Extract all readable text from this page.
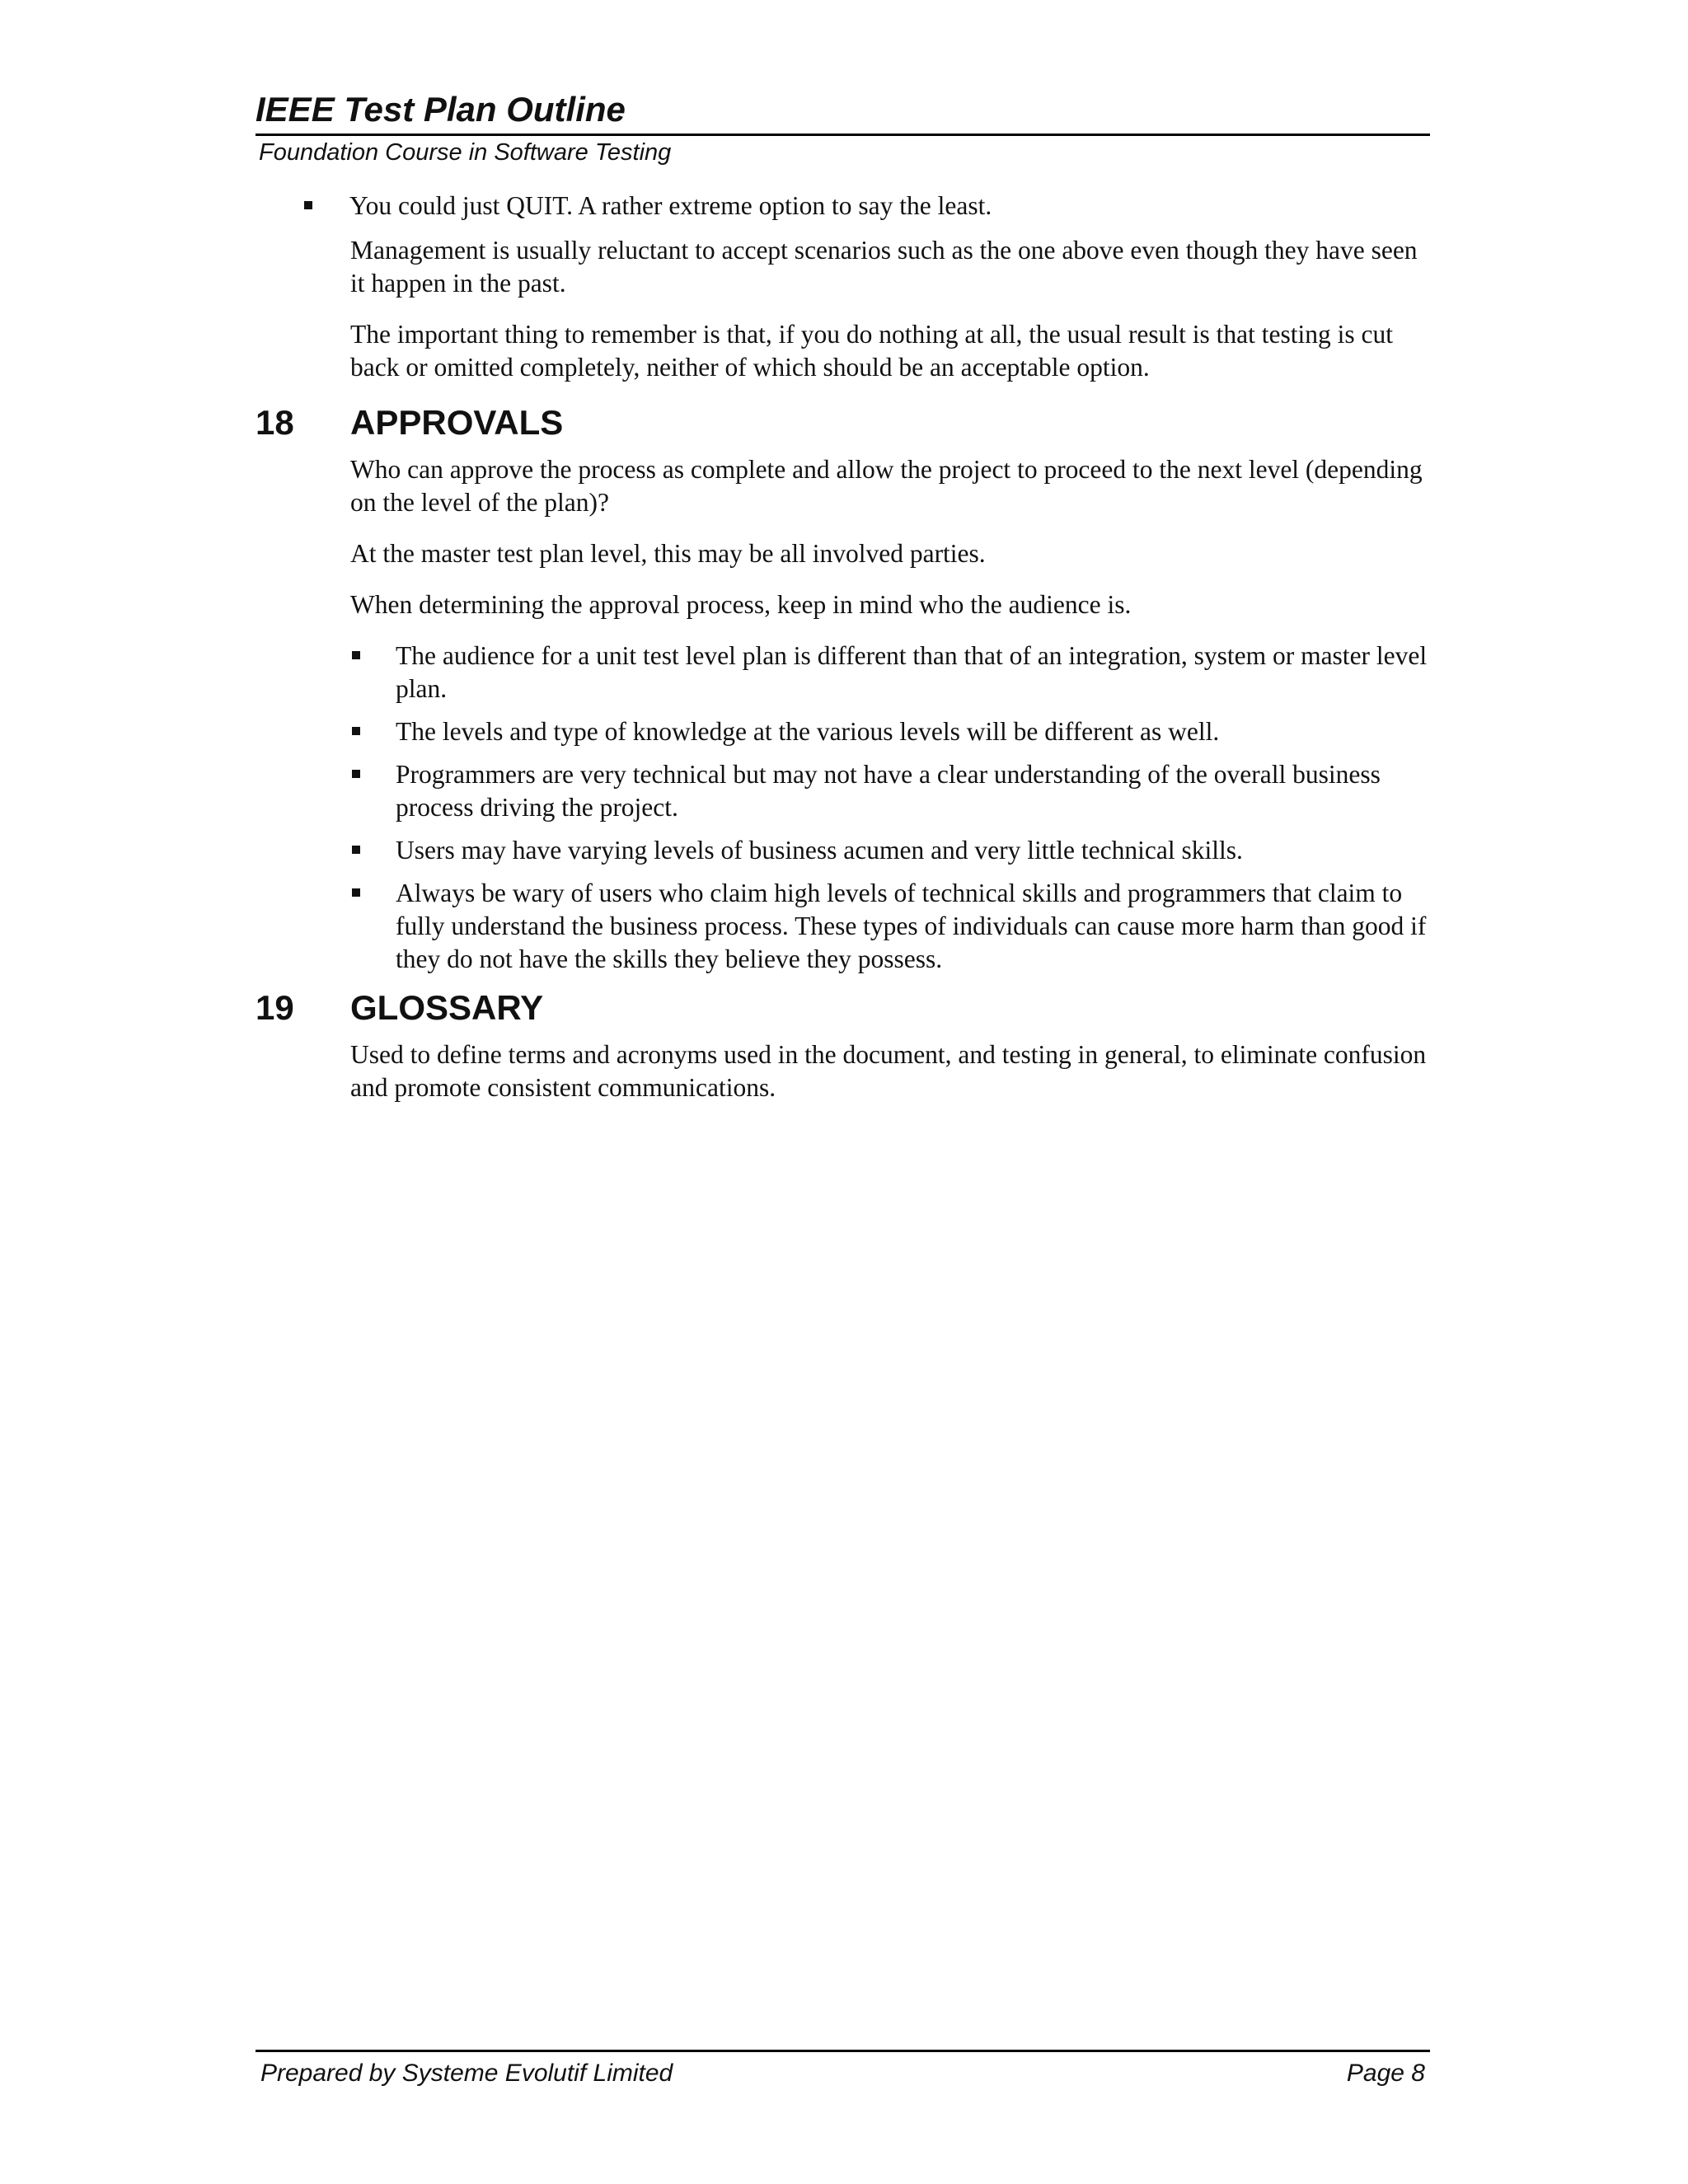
IEEE Test Plan Outline
Foundation Course in Software Testing
You could just QUIT. A rather extreme option to say the least.

Management is usually reluctant to accept scenarios such as the one above even though they have seen it happen in the past.

The important thing to remember is that, if you do nothing at all, the usual result is that testing is cut back or omitted completely, neither of which should be an acceptable option.

18	APPROVALS

Who can approve the process as complete and allow the project to proceed to the next level (depending on the level of the plan)?

At the master test plan level, this may be all involved parties.

When determining the approval process, keep in mind who the audience is.

The audience for a unit test level plan is different than that of an integration, system or master level plan.
The levels and type of knowledge at the various levels will be different as well.
Programmers are very technical but may not have a clear understanding of the overall business process driving the project.
Users may have varying levels of business acumen and very little technical skills.
Always be wary of users who claim high levels of technical skills and programmers that claim to fully understand the business process. These types of individuals can cause more harm than good if they do not have the skills they believe they possess.
19	GLOSSARY

Used to define terms and acronyms used in the document, and testing in general, to eliminate confusion and promote consistent communications.

Prepared by Systeme Evolutif Limited	Page 8
